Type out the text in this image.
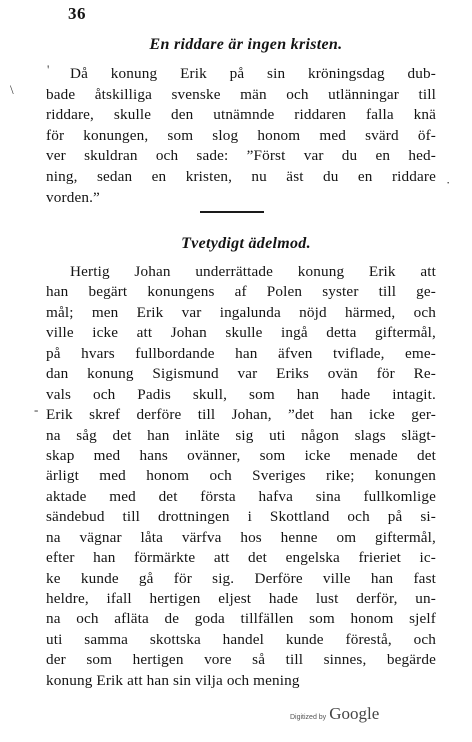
36
En riddare är ingen kristen.
'
\
Då konung Erik på sin kröningsdag dub-
bade åtskilliga svenske män och utlänningar till
riddare, skulle den utnämnde riddaren falla knä
för konungen, som slog honom med svärd öf-
ver skuldran och sade: ”Först var du en hed-
ning, sedan en kristen, nu äst du en riddare
vorden.”
Tvetydigt ädelmod.
·
-
Hertig Johan underrättade konung Erik att
han begärt konungens af Polen syster till ge-
mål; men Erik var ingalunda nöjd härmed, och
ville icke att Johan skulle ingå detta giftermål,
på hvars fullbordande han äfven tviflade, eme-
dan konung Sigismund var Eriks ovän för Re-
vals och Padis skull, som han hade intagit.
Erik skref derföre till Johan, ”det han icke ger-
na såg det han inläte sig uti någon slags slägt-
skap med hans ovänner, som icke menade det
ärligt med honom och Sveriges rike; konungen
aktade med det första hafva sina fullkomlige
sändebud till drottningen i Skottland och på si-
na vägnar låta värfva hos henne om giftermål,
efter han förmärkte att det engelska frieriet ic-
ke kunde gå för sig. Derföre ville han fast
heldre, ifall hertigen eljest hade lust derför, un-
na och afläta de goda tillfällen som honom sjelf
uti samma skottska handel kunde förestå, och
der som hertigen vore så till sinnes, begärde
konung Erik att han sin vilja och mening
Digitized by Google
